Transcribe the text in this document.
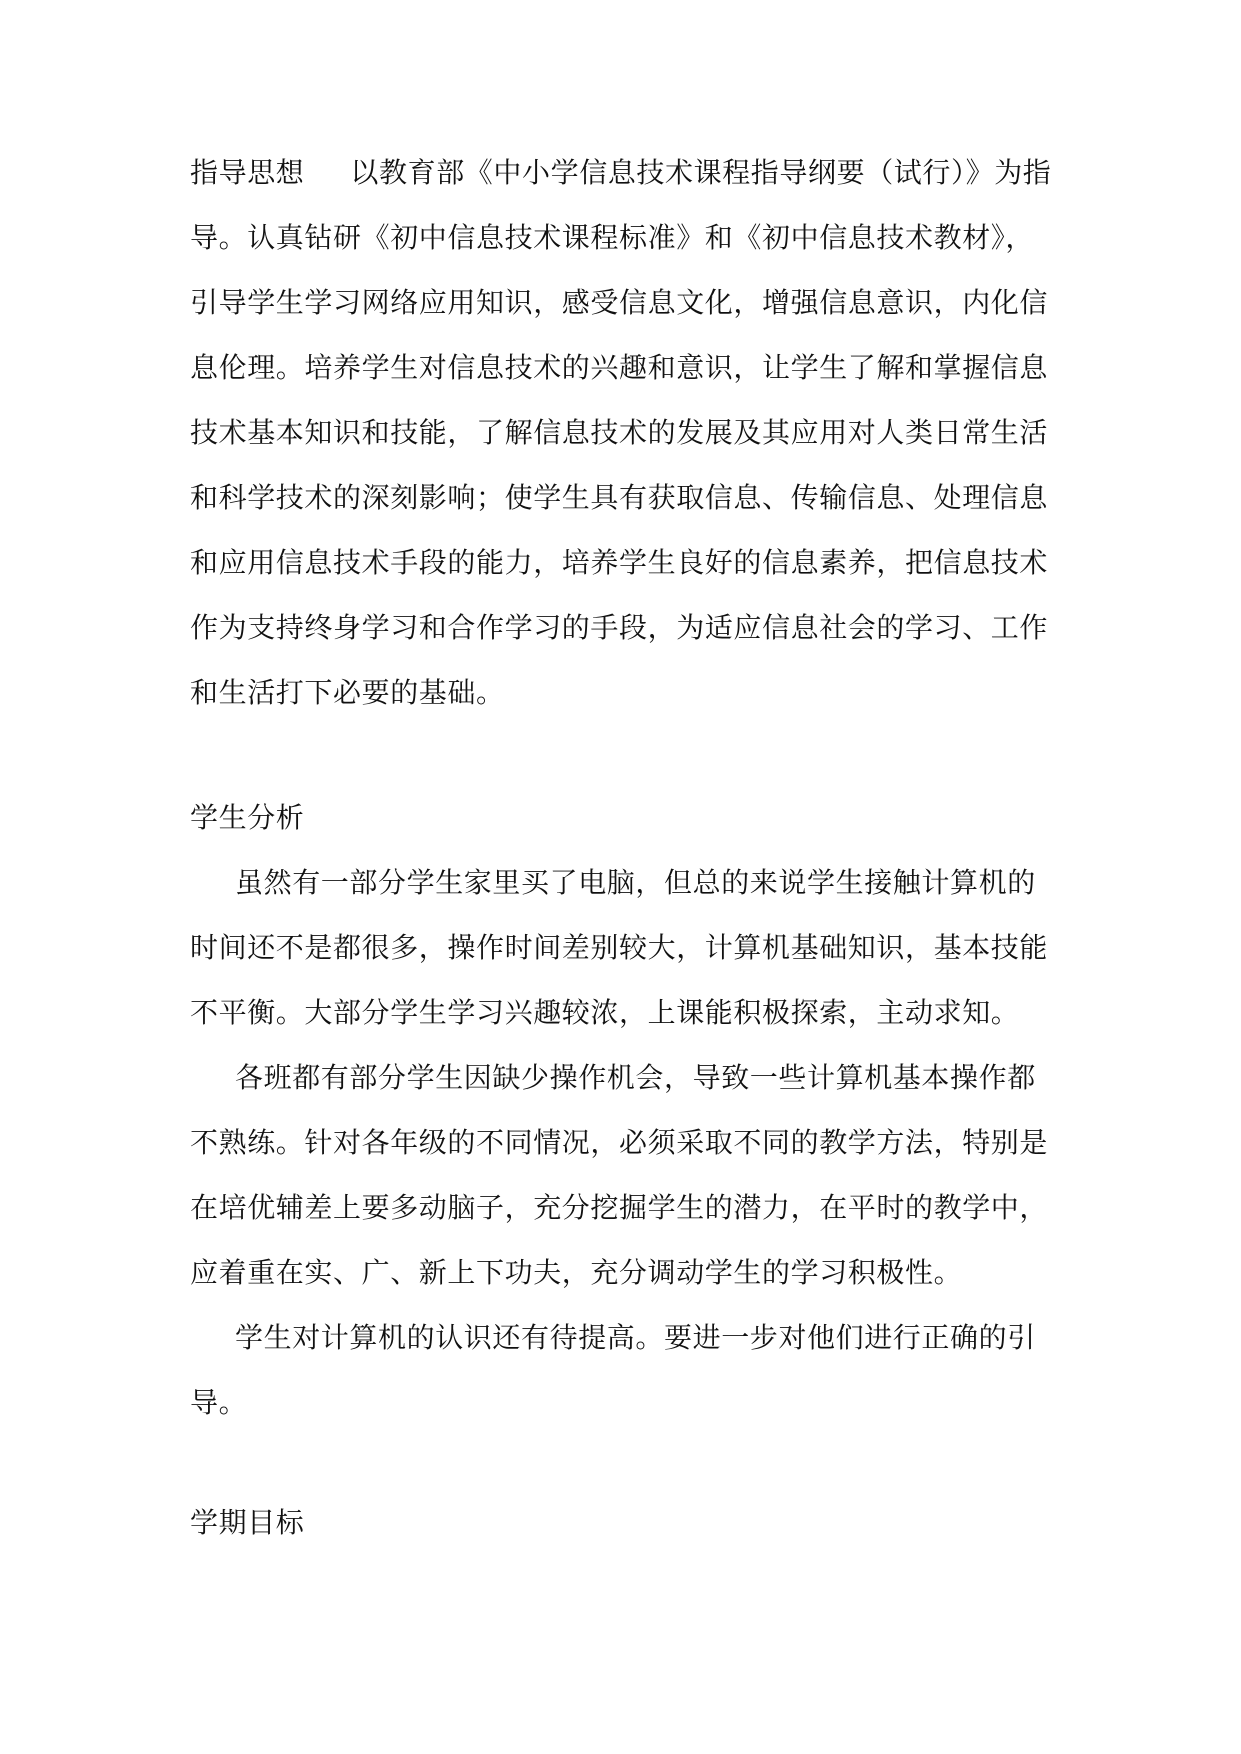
指导思想 以教育部《中小学信息技术课程指导纲要（试行）》为指
导。认真钻研《初中信息技术课程标准》和《初中信息技术教材》，
引导学生学习网络应用知识，感受信息文化，增强信息意识，内化信
息伦理。培养学生对信息技术的兴趣和意识，让学生了解和掌握信息
技术基本知识和技能，了解信息技术的发展及其应用对人类日常生活
和科学技术的深刻影响；使学生具有获取信息、传输信息、处理信息
和应用信息技术手段的能力，培养学生良好的信息素养，把信息技术
作为支持终身学习和合作学习的手段，为适应信息社会的学习、工作
和生活打下必要的基础。
学生分析
虽然有一部分学生家里买了电脑，但总的来说学生接触计算机的
时间还不是都很多，操作时间差别较大，计算机基础知识，基本技能
不平衡。大部分学生学习兴趣较浓，上课能积极探索，主动求知。
各班都有部分学生因缺少操作机会，导致一些计算机基本操作都
不熟练。针对各年级的不同情况，必须采取不同的教学方法，特别是
在培优辅差上要多动脑子，充分挖掘学生的潜力，在平时的教学中，
应着重在实、广、新上下功夫，充分调动学生的学习积极性。
学生对计算机的认识还有待提高。要进一步对他们进行正确的引
导。
学期目标
